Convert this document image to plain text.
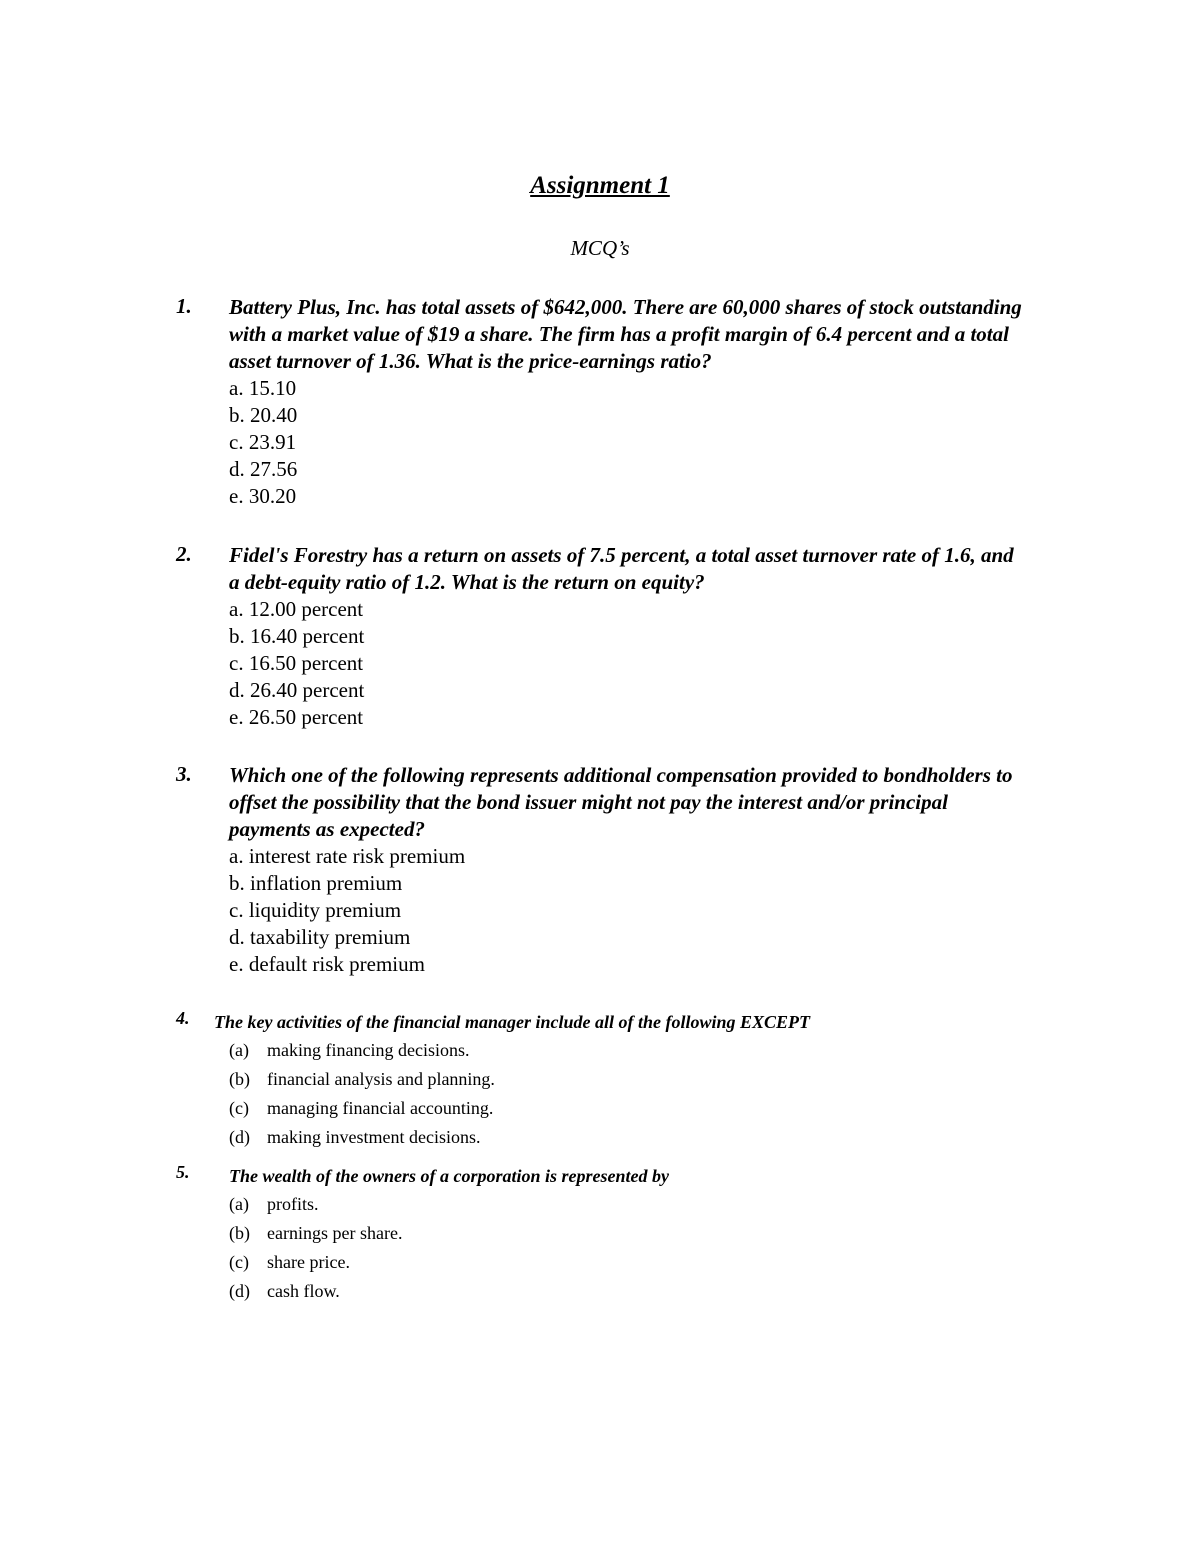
Assignment 1
MCQ’s
1. Battery Plus, Inc. has total assets of $642,000. There are 60,000 shares of stock outstanding with a market value of $19 a share. The firm has a profit margin of 6.4 percent and a total asset turnover of 1.36. What is the price-earnings ratio?
a. 15.10
b. 20.40
c. 23.91
d. 27.56
e. 30.20
2. Fidel's Forestry has a return on assets of 7.5 percent, a total asset turnover rate of 1.6, and a debt-equity ratio of 1.2. What is the return on equity?
a. 12.00 percent
b. 16.40 percent
c. 16.50 percent
d. 26.40 percent
e. 26.50 percent
3. Which one of the following represents additional compensation provided to bondholders to offset the possibility that the bond issuer might not pay the interest and/or principal payments as expected?
a. interest rate risk premium
b. inflation premium
c. liquidity premium
d. taxability premium
e. default risk premium
4. The key activities of the financial manager include all of the following EXCEPT
(a) making financing decisions.
(b) financial analysis and planning.
(c) managing financial accounting.
(d) making investment decisions.
5. The wealth of the owners of a corporation is represented by
(a) profits.
(b) earnings per share.
(c) share price.
(d) cash flow.
